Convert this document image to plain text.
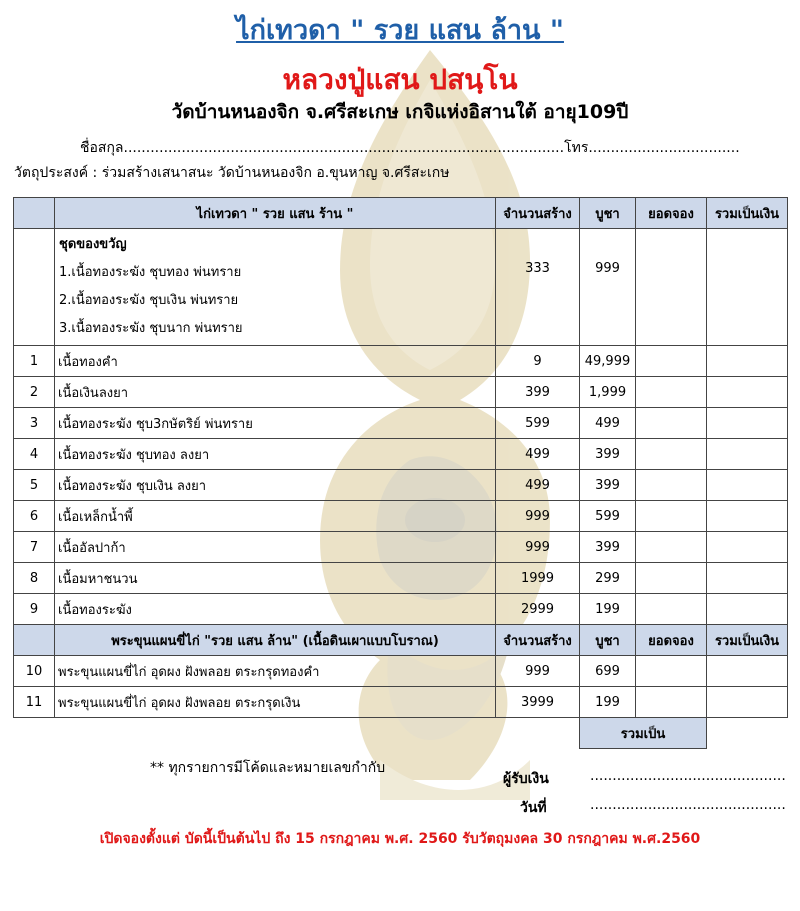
ไก่เทวดา " รวย แสน ล้าน "
หลวงปู่แสน ปสนฺโน
วัดบ้านหนองจิก จ.ศรีสะเกษ เกจิแห่งอิสานใต้ อายุ109ปี
ชื่อสกุล...................................................................................................โทร..................................
วัตถุประสงค์ : ร่วมสร้างเสนาสนะ วัดบ้านหนองจิก อ.ขุนหาญ จ.ศรีสะเกษ
	ไก่เทวดา " รวย แสน ร้าน "	จำนวนสร้าง	บูชา	ยอดจอง	รวมเป็นเงิน

	ชุดของขวัญ
1.เนื้อทองระฆัง ชุบทอง พ่นทราย
2.เนื้อทองระฆัง ชุบเงิน พ่นทราย
3.เนื้อทองระฆัง ชุบนาก พ่นทราย	333	999		
1	เนื้อทองคำ	9	49,999		
2	เนื้อเงินลงยา	399	1,999		
3	เนื้อทองระฆัง ชุบ3กษัตริย์ พ่นทราย	599	499		
4	เนื้อทองระฆัง ชุบทอง ลงยา	499	399		
5	เนื้อทองระฆัง ชุบเงิน ลงยา	499	399		
6	เนื้อเหล็กน้ำพี้	999	599		
7	เนื้ออัลปาก้า	999	399		
8	เนื้อมหาชนวน	1999	299		
9	เนื้อทองระฆัง	2999	199		
	พระขุนแผนขี่ไก่ "รวย แสน ล้าน" (เนื้อดินเผาแบบโบราณ)	จำนวนสร้าง	บูชา	ยอดจอง	รวมเป็นเงิน
10	พระขุนแผนขี่ไก่ อุดผง ฝังพลอย ตระกรุดทองคำ	999	699		
11	พระขุนแผนขี่ไก่ อุดผง ฝังพลอย ตระกรุดเงิน	3999	199		
			รวมเป็น		
** ทุกรายการมีโค้ดและหมายเลขกำกับ
ผู้รับเงิน	............................................
วันที่	............................................
เปิดจองตั้งแต่ บัดนี้เป็นต้นไป ถึง 15 กรกฎาคม พ.ศ. 2560 รับวัตถุมงคล 30 กรกฎาคม พ.ศ.2560
